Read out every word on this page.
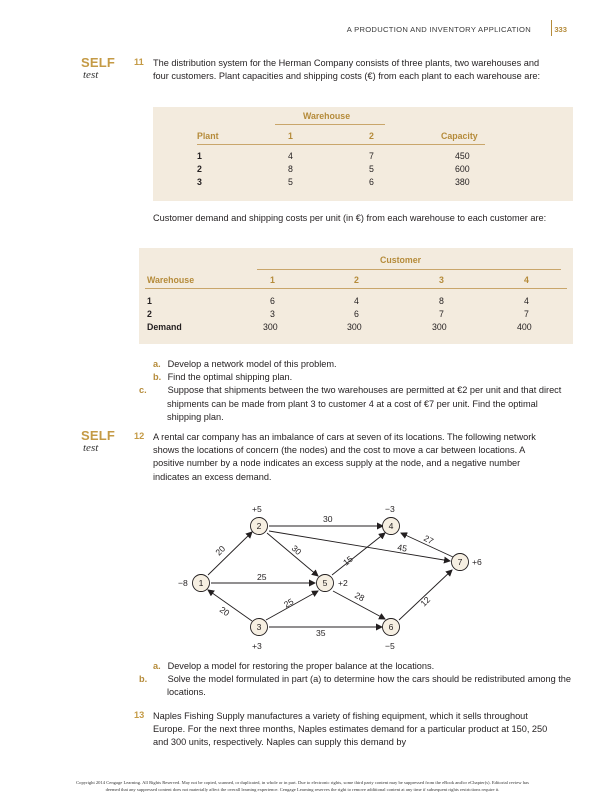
A PRODUCTION AND INVENTORY APPLICATION	333
SELF
test
11 The distribution system for the Herman Company consists of three plants, two warehouses and four customers. Plant capacities and shipping costs (€) from each plant to each warehouse are:
Warehouse
Plant	1	2	Capacity
1	4	7	450
2	8	5	600
3	5	6	380
Customer demand and shipping costs per unit (in €) from each warehouse to each customer are:
Customer
Warehouse	1	2	3	4
1	6	4	8	4
2	3	6	7	7
Demand	300	300	300	400
a. Develop a network model of this problem.
b. Find the optimal shipping plan.
c. Suppose that shipments between the two warehouses are permitted at €2 per unit and that direct shipments can be made from plant 3 to customer 4 at a cost of €7 per unit. Find the optimal shipping plan.
SELF
test
12 A rental car company has an imbalance of cars at seven of its locations. The following network shows the locations of concern (the nodes) and the cost to move a car between locations. A positive number by a node indicates an excess supply at the node, and a negative number indicates an excess demand.
20
20
25
30
30
15
25	28
35
45
27
12
1
2
3
4
5
6
7
−8
+5
+3
−3
+2
−5
+6
a. Develop a model for restoring the proper balance at the locations.
b. Solve the model formulated in part (a) to determine how the cars should be redistributed among the locations.
13 Naples Fishing Supply manufactures a variety of fishing equipment, which it sells throughout Europe. For the next three months, Naples estimates demand for a particular product at 150, 250 and 300 units, respectively. Naples can supply this demand by
Copyright 2014 Cengage Learning. All Rights Reserved. May not be copied, scanned, or duplicated, in whole or in part. Due to electronic rights, some third party content may be suppressed from the eBook and/or eChapter(s). Editorial review has
deemed that any suppressed content does not materially affect the overall learning experience. Cengage Learning reserves the right to remove additional content at any time if subsequent rights restrictions require it.
